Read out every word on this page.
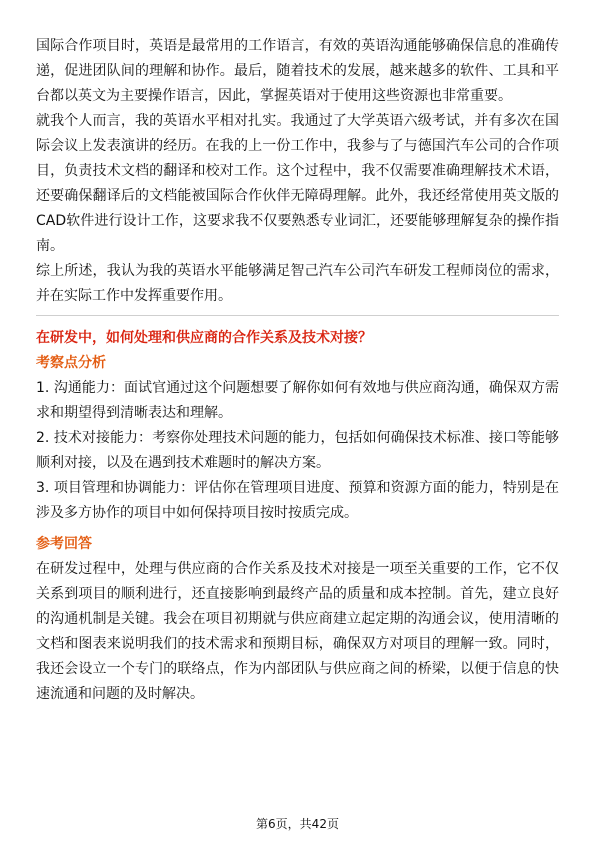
国际合作项目时，英语是最常用的工作语言，有效的英语沟通能够确保信息的准确传递，促进团队间的理解和协作。最后，随着技术的发展，越来越多的软件、工具和平台都以英文为主要操作语言，因此，掌握英语对于使用这些资源也非常重要。

就我个人而言，我的英语水平相对扎实。我通过了大学英语六级考试，并有多次在国际会议上发表演讲的经历。在我的上一份工作中，我参与了与德国汽车公司的合作项目，负责技术文档的翻译和校对工作。这个过程中，我不仅需要准确理解技术术语，还要确保翻译后的文档能被国际合作伙伴无障碍理解。此外，我还经常使用英文版的CAD软件进行设计工作，这要求我不仅要熟悉专业词汇，还要能够理解复杂的操作指南。

综上所述，我认为我的英语水平能够满足智己汽车公司汽车研发工程师岗位的需求，并在实际工作中发挥重要作用。

在研发中，如何处理和供应商的合作关系及技术对接？

考察点分析

1. 沟通能力：面试官通过这个问题想要了解你如何有效地与供应商沟通，确保双方需求和期望得到清晰表达和理解。

2. 技术对接能力：考察你处理技术问题的能力，包括如何确保技术标准、接口等能够顺利对接，以及在遇到技术难题时的解决方案。

3. 项目管理和协调能力：评估你在管理项目进度、预算和资源方面的能力，特别是在涉及多方协作的项目中如何保持项目按时按质完成。

参考回答

在研发过程中，处理与供应商的合作关系及技术对接是一项至关重要的工作，它不仅关系到项目的顺利进行，还直接影响到最终产品的质量和成本控制。首先，建立良好的沟通机制是关键。我会在项目初期就与供应商建立起定期的沟通会议，使用清晰的文档和图表来说明我们的技术需求和预期目标，确保双方对项目的理解一致。同时，我还会设立一个专门的联络点，作为内部团队与供应商之间的桥梁，以便于信息的快速流通和问题的及时解决。

第6页，共42页
